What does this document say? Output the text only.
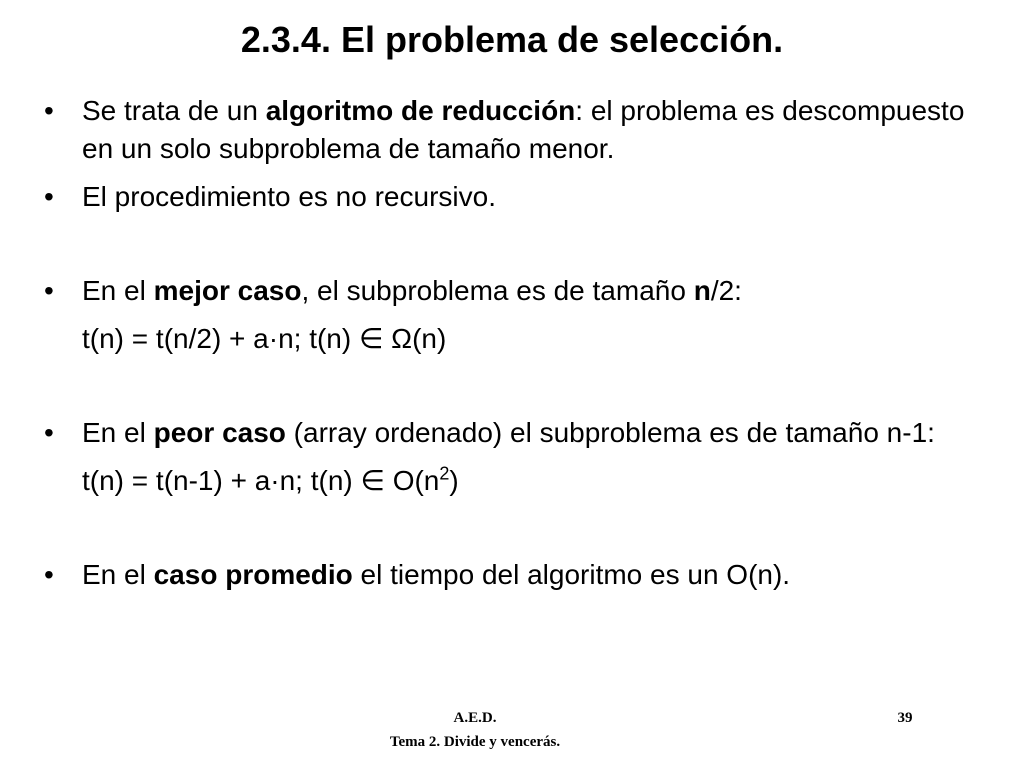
2.3.4. El problema de selección.
•	Se trata de un algoritmo de reducción: el problema es descompuesto en un solo subproblema de tamaño menor.
•	El procedimiento es no recursivo.
•	En el mejor caso, el subproblema es de tamaño n/2:
t(n) = t(n/2) + a·n; t(n) ∈ Ω(n)
•	En el peor caso (array ordenado) el subproblema es de tamaño n-1:
t(n) = t(n-1) + a·n; t(n) ∈ $O(n^2)$
•	En el caso promedio el tiempo del algoritmo es un O(n).
A.E.D.
Tema 2. Divide y vencerás.
39
